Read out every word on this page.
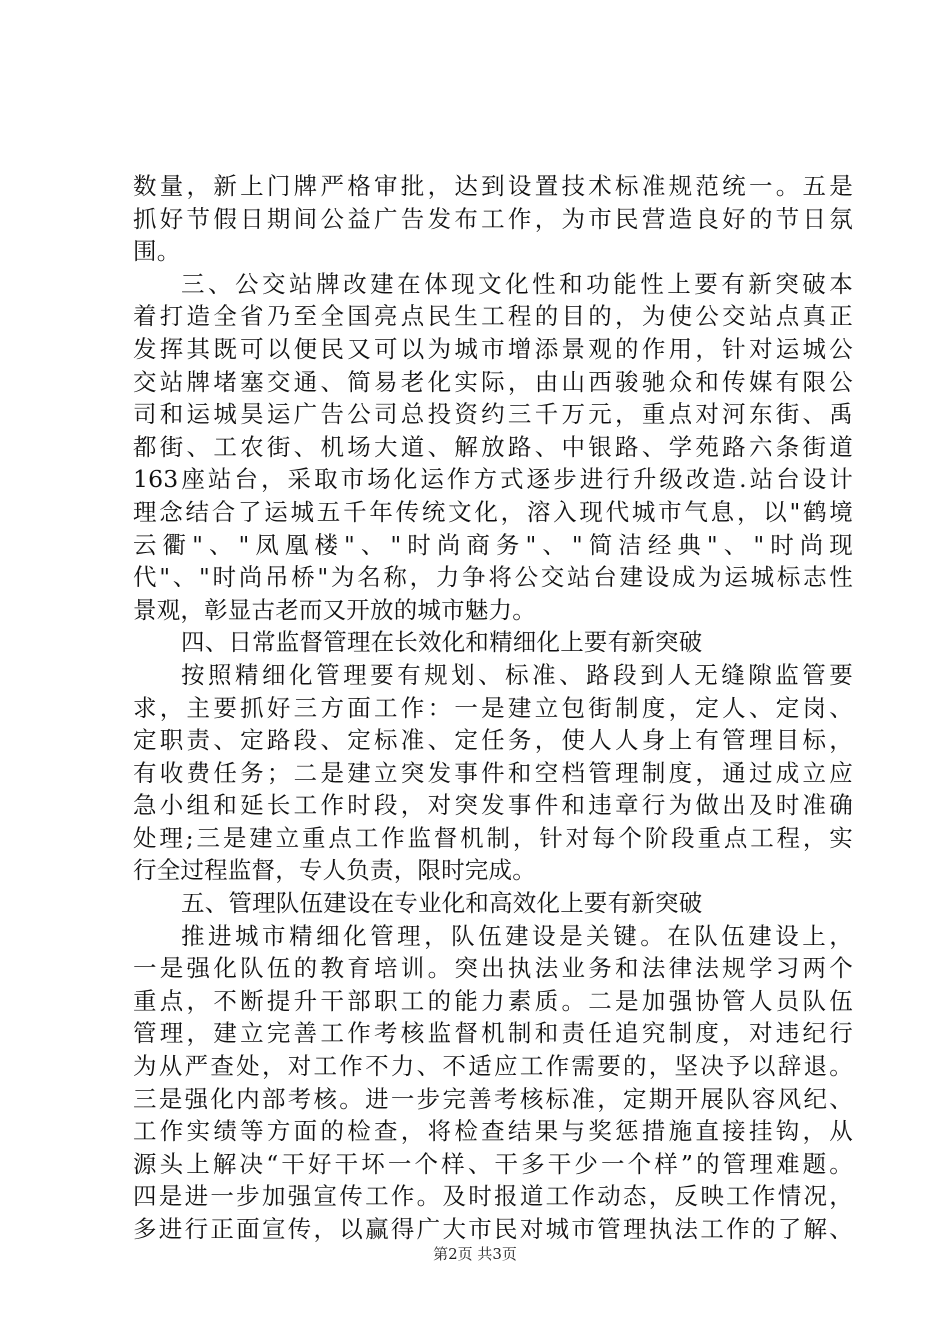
数量，新上门牌严格审批，达到设置技术标准规范统一。五是
抓好节假日期间公益广告发布工作，为市民营造良好的节日氛
围。
三、公交站牌改建在体现文化性和功能性上要有新突破本
着打造全省乃至全国亮点民生工程的目的，为使公交站点真正
发挥其既可以便民又可以为城市增添景观的作用，针对运城公
交站牌堵塞交通、简易老化实际，由山西骏驰众和传媒有限公
司和运城昊运广告公司总投资约三千万元，重点对河东街、禹
都街、工农街、机场大道、解放路、中银路、学苑路六条街道
163座站台，采取市场化运作方式逐步进行升级改造.站台设计
理念结合了运城五千年传统文化，溶入现代城市气息，以"鹤境
云衢"、"凤凰楼"、"时尚商务"、"简洁经典"、"时尚现
代"、"时尚吊桥"为名称，力争将公交站台建设成为运城标志性
景观，彰显古老而又开放的城市魅力。
四、日常监督管理在长效化和精细化上要有新突破
按照精细化管理要有规划、标准、路段到人无缝隙监管要
求，主要抓好三方面工作：一是建立包街制度，定人、定岗、
定职责、定路段、定标准、定任务，使人人身上有管理目标，
有收费任务；二是建立突发事件和空档管理制度，通过成立应
急小组和延长工作时段，对突发事件和违章行为做出及时准确
处理;三是建立重点工作监督机制，针对每个阶段重点工程，实
行全过程监督，专人负责，限时完成。
五、管理队伍建设在专业化和高效化上要有新突破
推进城市精细化管理，队伍建设是关键。在队伍建设上，
一是强化队伍的教育培训。突出执法业务和法律法规学习两个
重点，不断提升干部职工的能力素质。二是加强协管人员队伍
管理，建立完善工作考核监督机制和责任追究制度，对违纪行
为从严查处，对工作不力、不适应工作需要的，坚决予以辞退。
三是强化内部考核。进一步完善考核标准，定期开展队容风纪、
工作实绩等方面的检查，将检查结果与奖惩措施直接挂钩，从
源头上解决“干好干坏一个样、干多干少一个样”的管理难题。
四是进一步加强宣传工作。及时报道工作动态，反映工作情况，
多进行正面宣传，以赢得广大市民对城市管理执法工作的了解、
第2页 共3页
